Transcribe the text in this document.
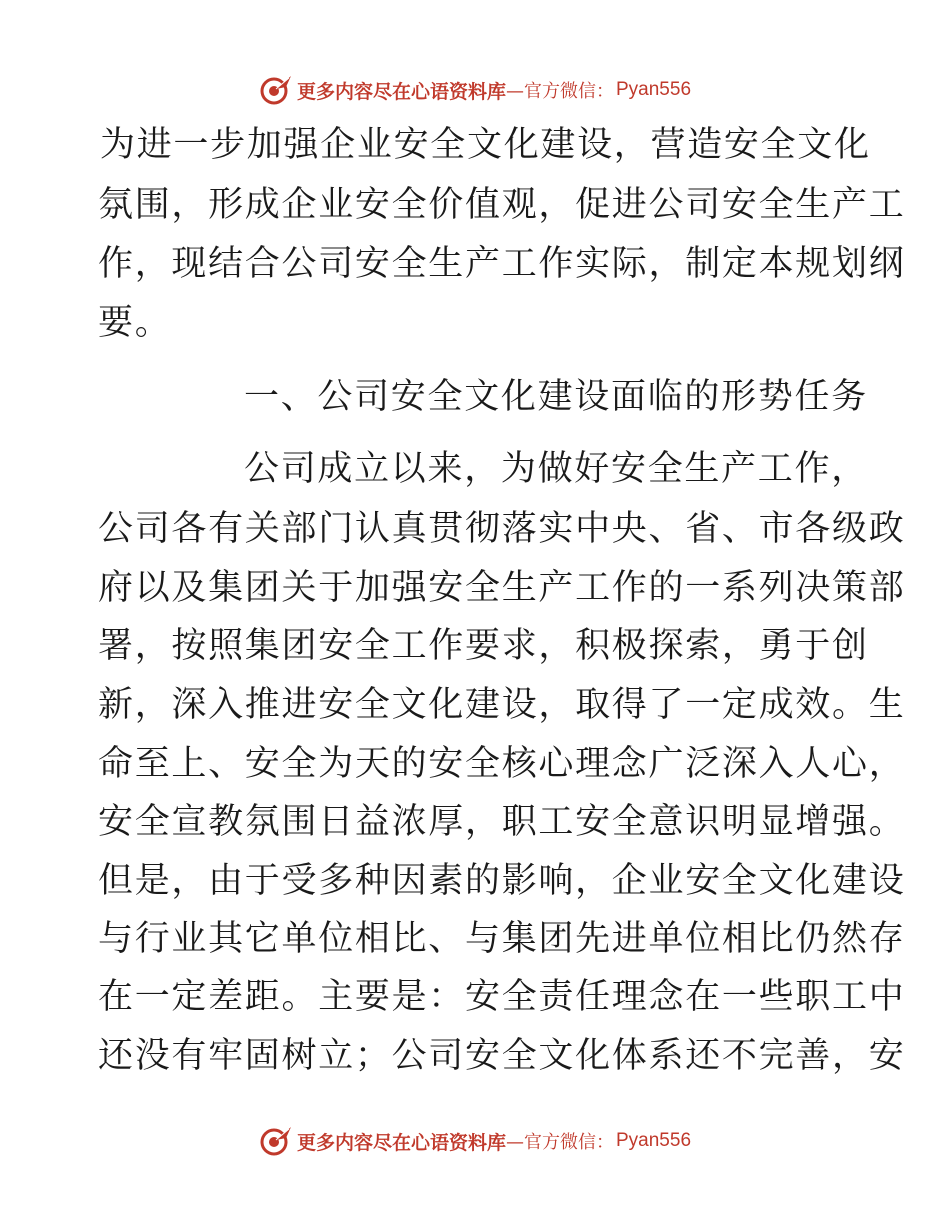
更多内容尽在心语资料库 —官方微信： Pyan556
为进一步加强企业安全文化建设，营造安全文化
氛围，形成企业安全价值观，促进公司安全生产工
作，现结合公司安全生产工作实际，制定本规划纲
要。
一、公司安全文化建设面临的形势任务
公司成立以来，为做好安全生产工作，
公司各有关部门认真贯彻落实中央、省、市各级政
府以及集团关于加强安全生产工作的一系列决策部
署，按照集团安全工作要求，积极探索，勇于创
新，深入推进安全文化建设，取得了一定成效。生
命至上、安全为天的安全核心理念广泛深入人心，
安全宣教氛围日益浓厚，职工安全意识明显增强。
但是，由于受多种因素的影响，企业安全文化建设
与行业其它单位相比、与集团先进单位相比仍然存
在一定差距。主要是：安全责任理念在一些职工中
还没有牢固树立；公司安全文化体系还不完善，安
更多内容尽在心语资料库 —官方微信： Pyan556
